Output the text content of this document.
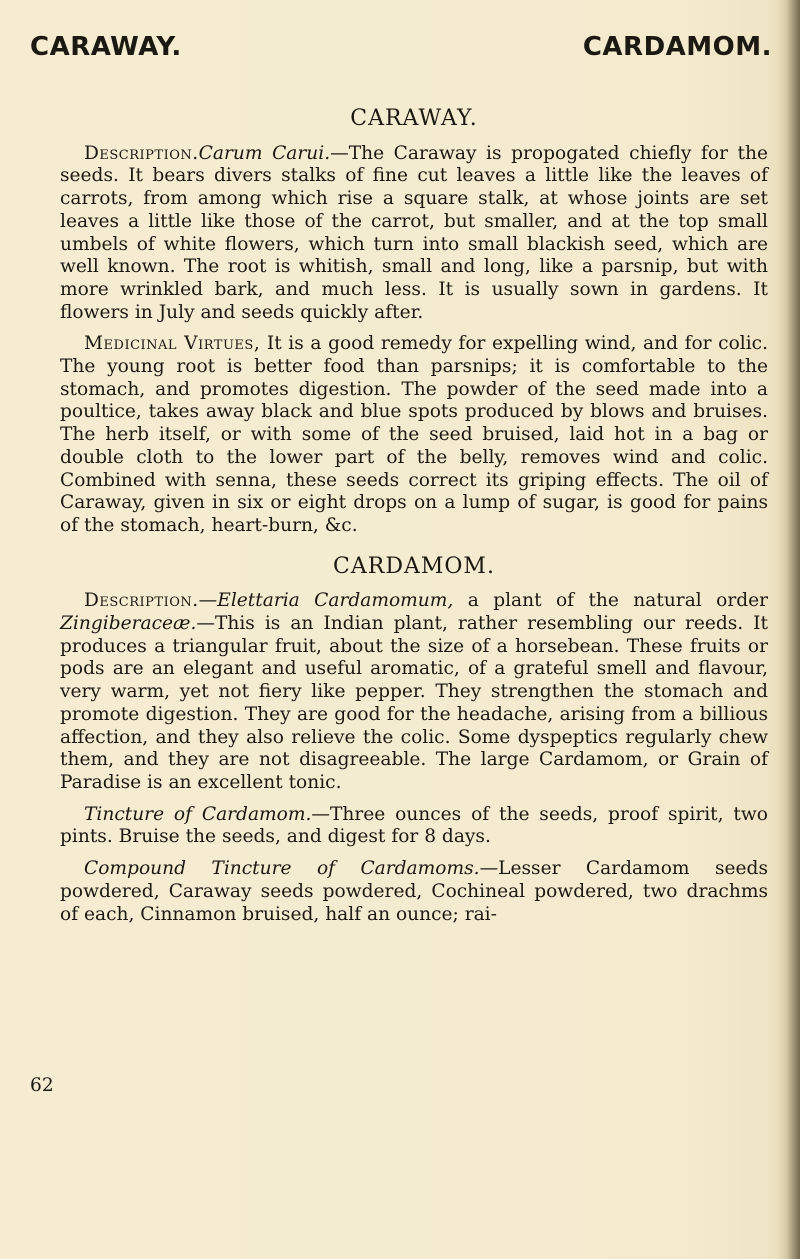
CARAWAY.	CARDAMOM.
CARAWAY.

Description.Carum Carui.—The Caraway is propogated chiefly for the seeds. It bears divers stalks of fine cut leaves a little like the leaves of carrots, from among which rise a square stalk, at whose joints are set leaves a little like those of the carrot, but smaller, and at the top small umbels of white flowers, which turn into small blackish seed, which are well known. The root is whitish, small and long, like a parsnip, but with more wrinkled bark, and much less. It is usually sown in gardens. It flowers in July and seeds quickly after.

Medicinal Virtues, It is a good remedy for expelling wind, and for colic. The young root is better food than parsnips; it is comfortable to the stomach, and promotes digestion. The powder of the seed made into a poultice, takes away black and blue spots produced by blows and bruises. The herb itself, or with some of the seed bruised, laid hot in a bag or double cloth to the lower part of the belly, removes wind and colic. Combined with senna, these seeds correct its griping effects. The oil of Caraway, given in six or eight drops on a lump of sugar, is good for pains of the stomach, heart-burn, &c.

CARDAMOM.

Description.—Elettaria Cardamomum, a plant of the natural order Zingiberaceæ.—This is an Indian plant, rather resembling our reeds. It produces a triangular fruit, about the size of a horsebean. These fruits or pods are an elegant and useful aromatic, of a grateful smell and flavour, very warm, yet not fiery like pepper. They strengthen the stomach and promote digestion. They are good for the headache, arising from a billious affection, and they also relieve the colic. Some dyspeptics regularly chew them, and they are not disagreeable. The large Cardamom, or Grain of Paradise is an excellent tonic.

Tincture of Cardamom.—Three ounces of the seeds, proof spirit, two pints. Bruise the seeds, and digest for 8 days.

Compound Tincture of Cardamoms.—Lesser Cardamom seeds powdered, Caraway seeds powdered, Cochineal powdered, two drachms of each, Cinnamon bruised, half an ounce; rai-

62
